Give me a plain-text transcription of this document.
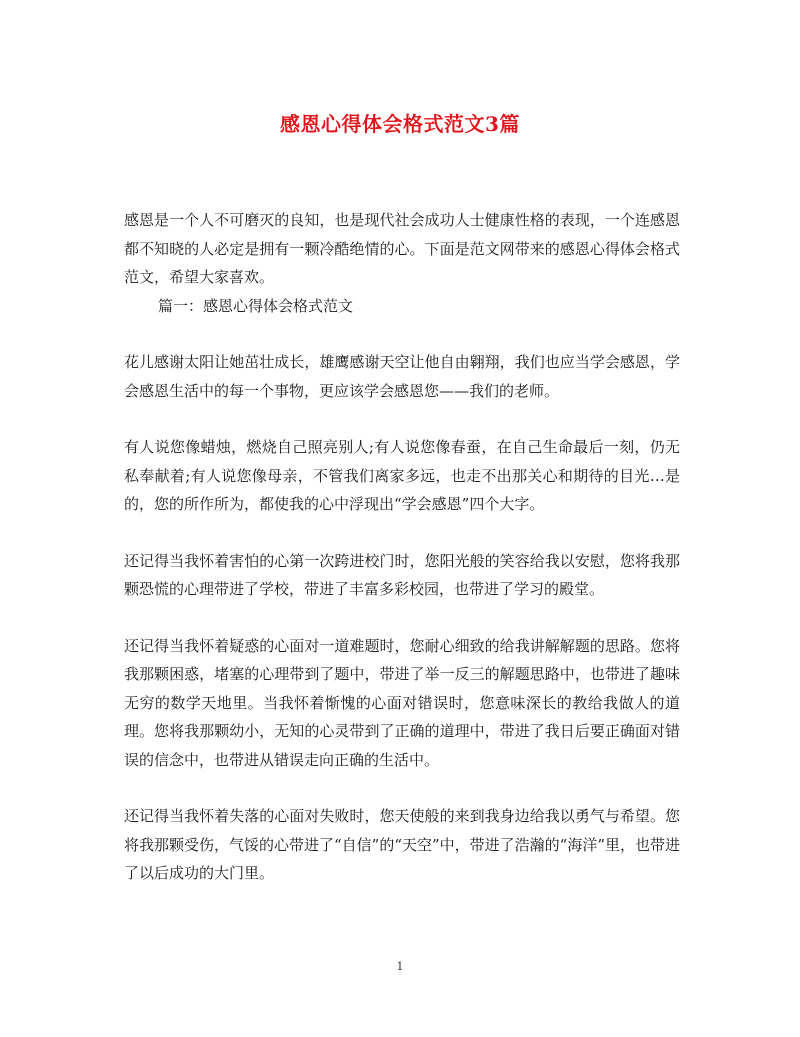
感恩心得体会格式范文3篇

感恩是一个人不可磨灭的良知，也是现代社会成功人士健康性格的表现，一个连感恩都不知晓的人必定是拥有一颗冷酷绝情的心。下面是范文网带来的感恩心得体会格式范文，希望大家喜欢。

篇一：感恩心得体会格式范文

花儿感谢太阳让她茁壮成长，雄鹰感谢天空让他自由翱翔，我们也应当学会感恩，学会感恩生活中的每一个事物，更应该学会感恩您——我们的老师。

有人说您像蜡烛，燃烧自己照亮别人;有人说您像春蚕，在自己生命最后一刻，仍无私奉献着;有人说您像母亲，不管我们离家多远，也走不出那关心和期待的目光…是的，您的所作所为，都使我的心中浮现出“学会感恩”四个大字。

还记得当我怀着害怕的心第一次跨进校门时，您阳光般的笑容给我以安慰，您将我那颗恐慌的心理带进了学校，带进了丰富多彩校园，也带进了学习的殿堂。

还记得当我怀着疑惑的心面对一道难题时，您耐心细致的给我讲解解题的思路。您将我那颗困惑，堵塞的心理带到了题中，带进了举一反三的解题思路中，也带进了趣味无穷的数学天地里。当我怀着惭愧的心面对错误时，您意味深长的教给我做人的道理。您将我那颗幼小，无知的心灵带到了正确的道理中，带进了我日后要正确面对错误的信念中，也带进从错误走向正确的生活中。

还记得当我怀着失落的心面对失败时，您天使般的来到我身边给我以勇气与希望。您将我那颗受伤，气馁的心带进了“自信”的“天空”中，带进了浩瀚的“海洋”里，也带进了以后成功的大门里。

1
